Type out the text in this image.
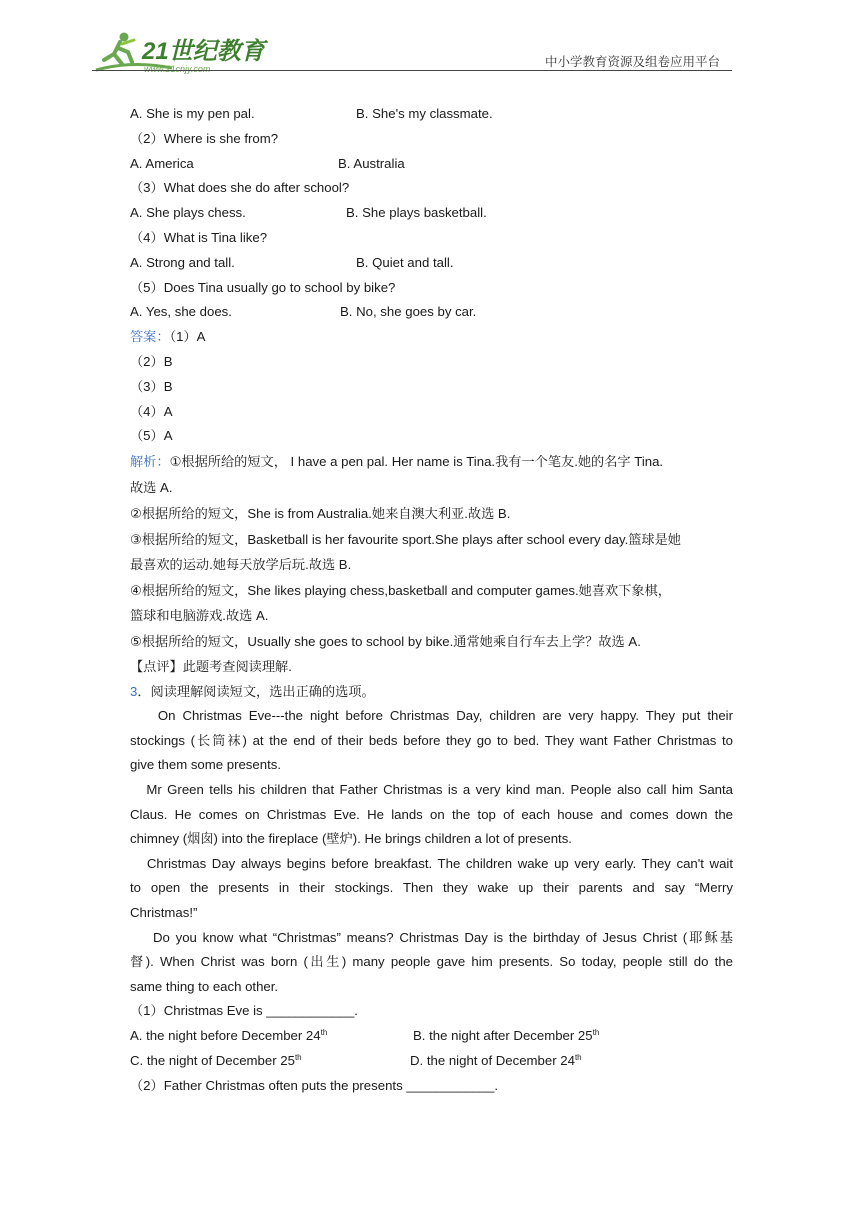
21世纪教育
www.21cnjy.com	中小学教育资源及组卷应用平台
A. She is my pen pal.	B. She's my classmate.
（2）Where is she from?
A. America	B. Australia
（3）What does she do after school?
A. She plays chess.	B. She plays basketball.
（4）What is Tina like?
A. Strong and tall.	B. Quiet and tall.
（5）Does Tina usually go to school by bike?
A. Yes, she does.	B. No, she goes by car.
答案：（1）A
（2）B
（3）B
（4）A
（5）A
解析：①根据所给的短文， I have a pen pal. Her name is Tina.我有一个笔友.她的名字 Tina.
故选 A.
②根据所给的短文，She is from Australia.她来自澳大利亚.故选 B.
③根据所给的短文，Basketball is her favourite sport.She plays after school every day.篮球是她
最喜欢的运动.她每天放学后玩.故选 B.
④根据所给的短文，She likes playing chess,basketball and computer games.她喜欢下象棋，
篮球和电脑游戏.故选 A.
⑤根据所给的短文，Usually she goes to school by bike.通常她乘自行车去上学？故选 A.
【点评】此题考查阅读理解.
3．阅读理解阅读短文，选出正确的选项。
On Christmas Eve---the night before Christmas Day, children are very happy. They put their
stockings (长筒袜) at the end of their beds before they go to bed. They want Father Christmas to
give them some presents.
Mr Green tells his children that Father Christmas is a very kind man. People also call him Santa
Claus. He comes on Christmas Eve. He lands on the top of each house and comes down the
chimney (烟囱) into the fireplace (壁炉). He brings children a lot of presents.
Christmas Day always begins before breakfast. The children wake up very early. They can't wait
to open the presents in their stockings. Then they wake up their parents and say “Merry
Christmas!”
Do you know what “Christmas” means? Christmas Day is the birthday of Jesus Christ (耶稣基
督). When Christ was born (出生) many people gave him presents. So today, people still do the
same thing to each other.
（1）Christmas Eve is ____________.
A. the night before December 24th	B. the night after December 25th
C. the night of December 25th	D. the night of December 24th
（2）Father Christmas often puts the presents ____________.
